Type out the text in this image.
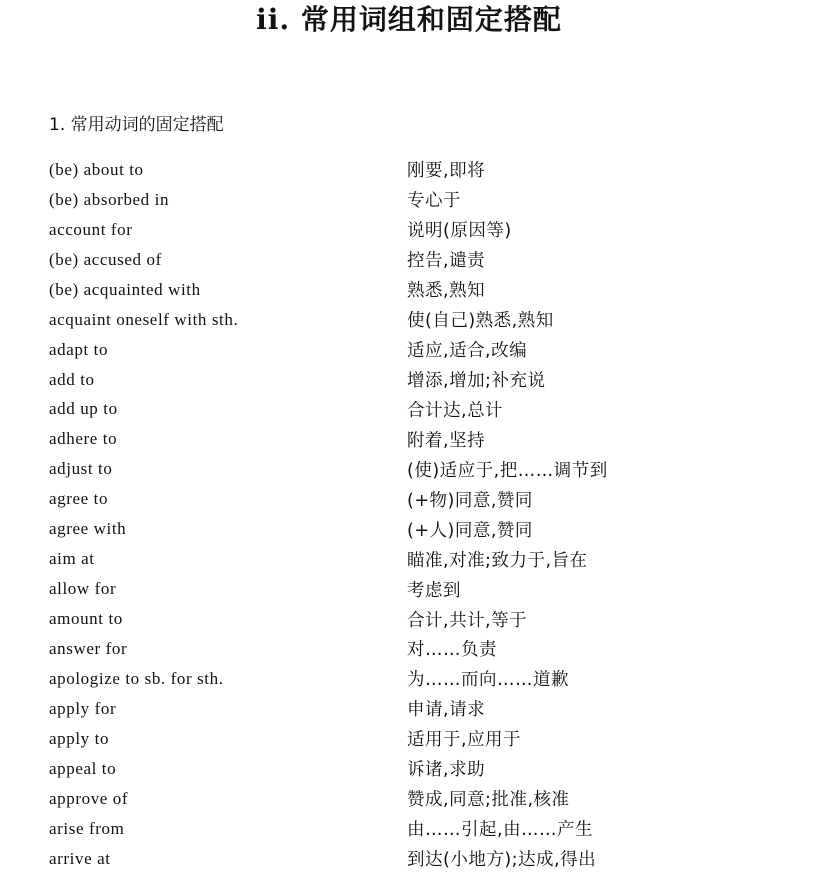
ii. 常用词组和固定搭配
1. 常用动词的固定搭配
(be) about to	刚要,即将
(be) absorbed in	专心于
account for	说明(原因等)
(be) accused of	控告,谴责
(be) acquainted with	熟悉,熟知
acquaint oneself with sth.	使(自己)熟悉,熟知
adapt to	适应,适合,改编
add to	增添,增加;补充说
add up to	合计达,总计
adhere to	附着,坚持
adjust to	(使)适应于,把……调节到
agree to	(+物)同意,赞同
agree with	(+人)同意,赞同
aim at	瞄准,对准;致力于,旨在
allow for	考虑到
amount to	合计,共计,等于
answer for	对……负责
apologize to sb. for sth.	为……而向……道歉
apply for	申请,请求
apply to	适用于,应用于
appeal to	诉诸,求助
approve of	赞成,同意;批准,核准
arise from	由……引起,由……产生
arrive at	到达(小地方);达成,得出
